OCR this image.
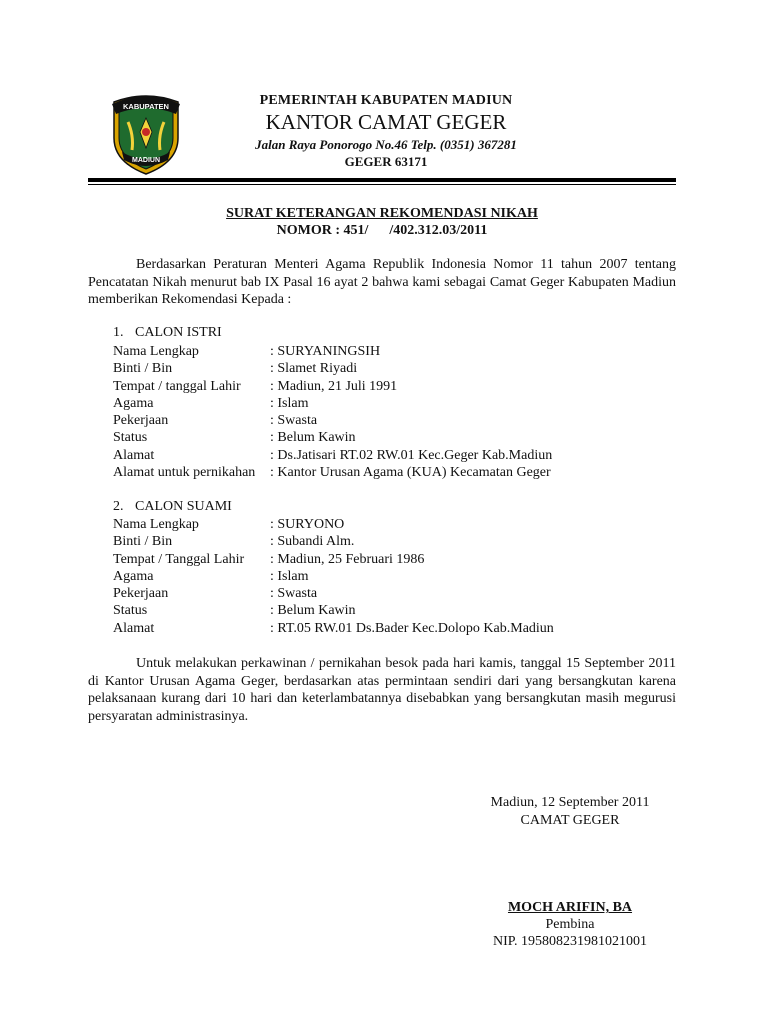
KABUPATEN
MADIUN
PEMERINTAH KABUPATEN MADIUN
KANTOR CAMAT GEGER
Jalan Raya Ponorogo No.46 Telp. (0351) 367281
GEGER 63171
SURAT KETERANGAN REKOMENDASI NIKAH
NOMOR : 451/      /402.312.03/2011
Berdasarkan Peraturan Menteri Agama Republik Indonesia Nomor 11 tahun 2007 tentang Pencatatan Nikah menurut bab IX Pasal 16 ayat 2 bahwa kami sebagai Camat Geger Kabupaten Madiun memberikan Rekomendasi Kepada :
1. CALON ISTRI
Nama Lengkap	: SURYANINGSIH
Binti / Bin	: Slamet Riyadi
Tempat / tanggal Lahir	: Madiun, 21 Juli 1991
Agama	: Islam
Pekerjaan	: Swasta
Status	: Belum Kawin
Alamat	: Ds.Jatisari RT.02 RW.01 Kec.Geger Kab.Madiun
Alamat untuk pernikahan	: Kantor Urusan Agama (KUA) Kecamatan Geger
2. CALON SUAMI
Nama Lengkap	: SURYONO
Binti / Bin	: Subandi Alm.
Tempat / Tanggal Lahir	: Madiun, 25 Februari 1986
Agama	: Islam
Pekerjaan	: Swasta
Status	: Belum Kawin
Alamat	: RT.05 RW.01 Ds.Bader Kec.Dolopo Kab.Madiun
Untuk melakukan perkawinan / pernikahan besok pada hari kamis, tanggal 15 September 2011 di Kantor Urusan Agama Geger, berdasarkan atas permintaan sendiri dari yang bersangkutan karena pelaksanaan kurang dari 10 hari dan keterlambatannya disebabkan yang bersangkutan masih megurusi persyaratan administrasinya.
Madiun, 12 September 2011
CAMAT GEGER
MOCH ARIFIN, BA
Pembina
NIP. 195808231981021001
